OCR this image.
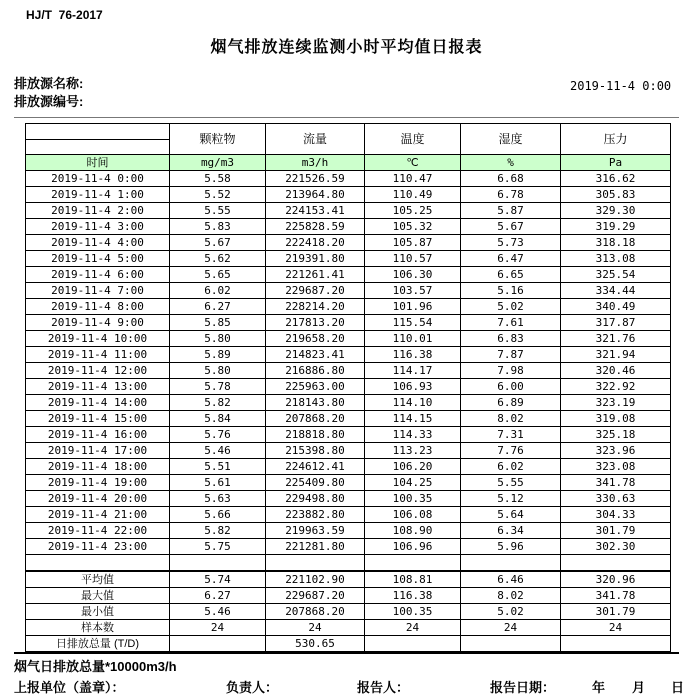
HJ/T  76-2017
烟气排放连续监测小时平均值日报表
排放源名称:	2019-11-4 0:00
排放源编号:
	颗粒物	流量	温度	湿度	压力

时间	mg/m3	m3/h	℃	%	Pa
2019-11-4 0:00	5.58	221526.59	110.47	6.68	316.62
2019-11-4 1:00	5.52	213964.80	110.49	6.78	305.83
2019-11-4 2:00	5.55	224153.41	105.25	5.87	329.30
2019-11-4 3:00	5.83	225828.59	105.32	5.67	319.29
2019-11-4 4:00	5.67	222418.20	105.87	5.73	318.18
2019-11-4 5:00	5.62	219391.80	110.57	6.47	313.08
2019-11-4 6:00	5.65	221261.41	106.30	6.65	325.54
2019-11-4 7:00	6.02	229687.20	103.57	5.16	334.44
2019-11-4 8:00	6.27	228214.20	101.96	5.02	340.49
2019-11-4 9:00	5.85	217813.20	115.54	7.61	317.87
2019-11-4 10:00	5.80	219658.20	110.01	6.83	321.76
2019-11-4 11:00	5.89	214823.41	116.38	7.87	321.94
2019-11-4 12:00	5.80	216886.80	114.17	7.98	320.46
2019-11-4 13:00	5.78	225963.00	106.93	6.00	322.92
2019-11-4 14:00	5.82	218143.80	114.10	6.89	323.19
2019-11-4 15:00	5.84	207868.20	114.15	8.02	319.08
2019-11-4 16:00	5.76	218818.80	114.33	7.31	325.18
2019-11-4 17:00	5.46	215398.80	113.23	7.76	323.96
2019-11-4 18:00	5.51	224612.41	106.20	6.02	323.08
2019-11-4 19:00	5.61	225409.80	104.25	5.55	341.78
2019-11-4 20:00	5.63	229498.80	100.35	5.12	330.63
2019-11-4 21:00	5.66	223882.80	106.08	5.64	304.33
2019-11-4 22:00	5.82	219963.59	108.90	6.34	301.79
2019-11-4 23:00	5.75	221281.80	106.96	5.96	302.30

平均值	5.74	221102.90	108.81	6.46	320.96
最大值	6.27	229687.20	116.38	8.02	341.78
最小值	5.46	207868.20	100.35	5.02	301.79
样本数	24	24	24	24	24
日排放总量 (T/D)		530.65			
烟气日排放总量*10000m3/h
上报单位（盖章）：	负责人：	报告人：	报告日期：	年 月 日
